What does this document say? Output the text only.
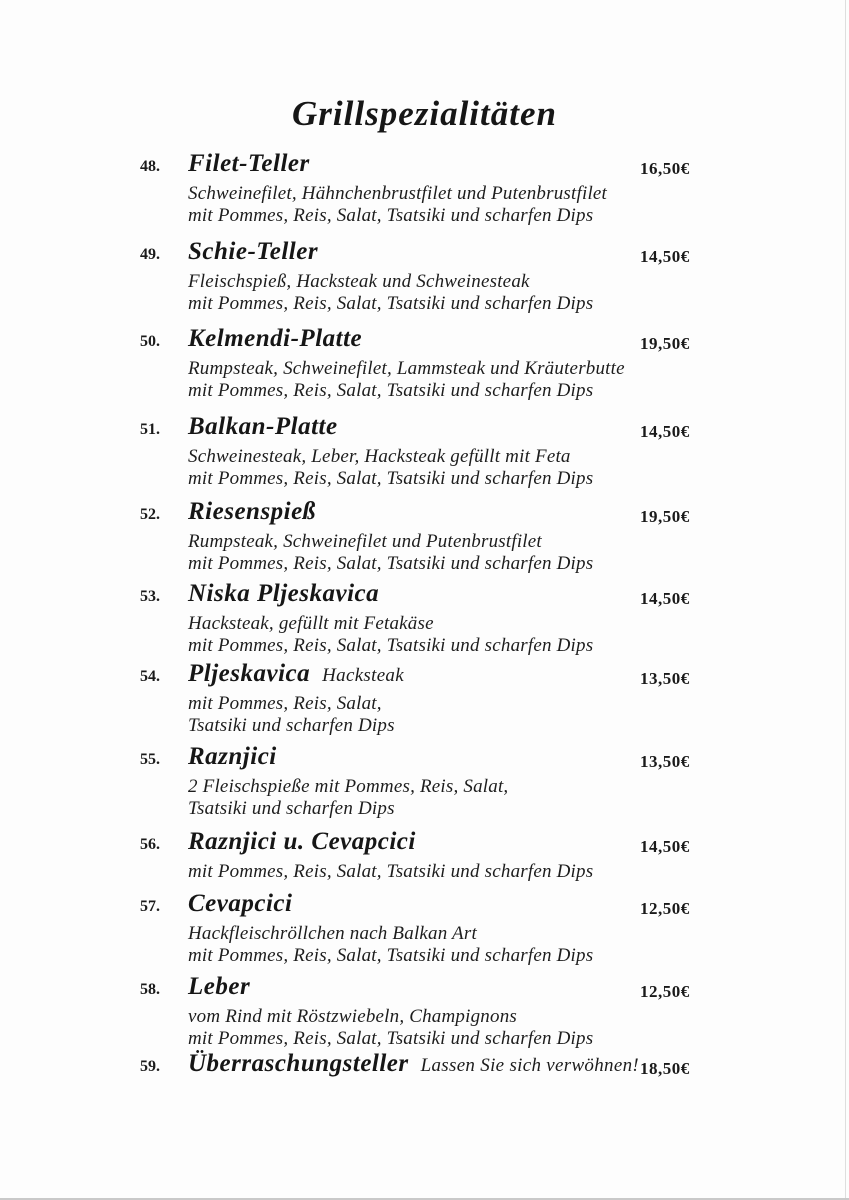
Grillspezialitäten
48.	Filet-Teller	16,50€
Schweinefilet, Hähnchenbrustfilet und Putenbrustfilet
mit Pommes, Reis, Salat, Tsatsiki und scharfen Dips
49.	Schie-Teller	14,50€
Fleischspieß, Hacksteak und Schweinesteak
mit Pommes, Reis, Salat, Tsatsiki und scharfen Dips
50.	Kelmendi-Platte	19,50€
Rumpsteak, Schweinefilet, Lammsteak und Kräuterbutte
mit Pommes, Reis, Salat, Tsatsiki und scharfen Dips
51.	Balkan-Platte	14,50€
Schweinesteak, Leber, Hacksteak gefüllt mit Feta
mit Pommes, Reis, Salat, Tsatsiki und scharfen Dips
52.	Riesenspieß	19,50€
Rumpsteak, Schweinefilet und Putenbrustfilet
mit Pommes, Reis, Salat, Tsatsiki und scharfen Dips
53.	Niska Pljeskavica	14,50€
Hacksteak, gefüllt mit Fetakäse
mit Pommes, Reis, Salat, Tsatsiki und scharfen Dips
54.	Pljeskavica Hacksteak	13,50€
mit Pommes, Reis, Salat,
Tsatsiki und scharfen Dips
55.	Raznjici	13,50€
2 Fleischspieße mit Pommes, Reis, Salat,
Tsatsiki und scharfen Dips
56.	Raznjici u. Cevapcici	14,50€
mit Pommes, Reis, Salat, Tsatsiki und scharfen Dips
57.	Cevapcici	12,50€
Hackfleischröllchen nach Balkan Art
mit Pommes, Reis, Salat, Tsatsiki und scharfen Dips
58.	Leber	12,50€
vom Rind mit Röstzwiebeln, Champignons
mit Pommes, Reis, Salat, Tsatsiki und scharfen Dips
59.	Überraschungsteller Lassen Sie sich verwöhnen! 18,50€
